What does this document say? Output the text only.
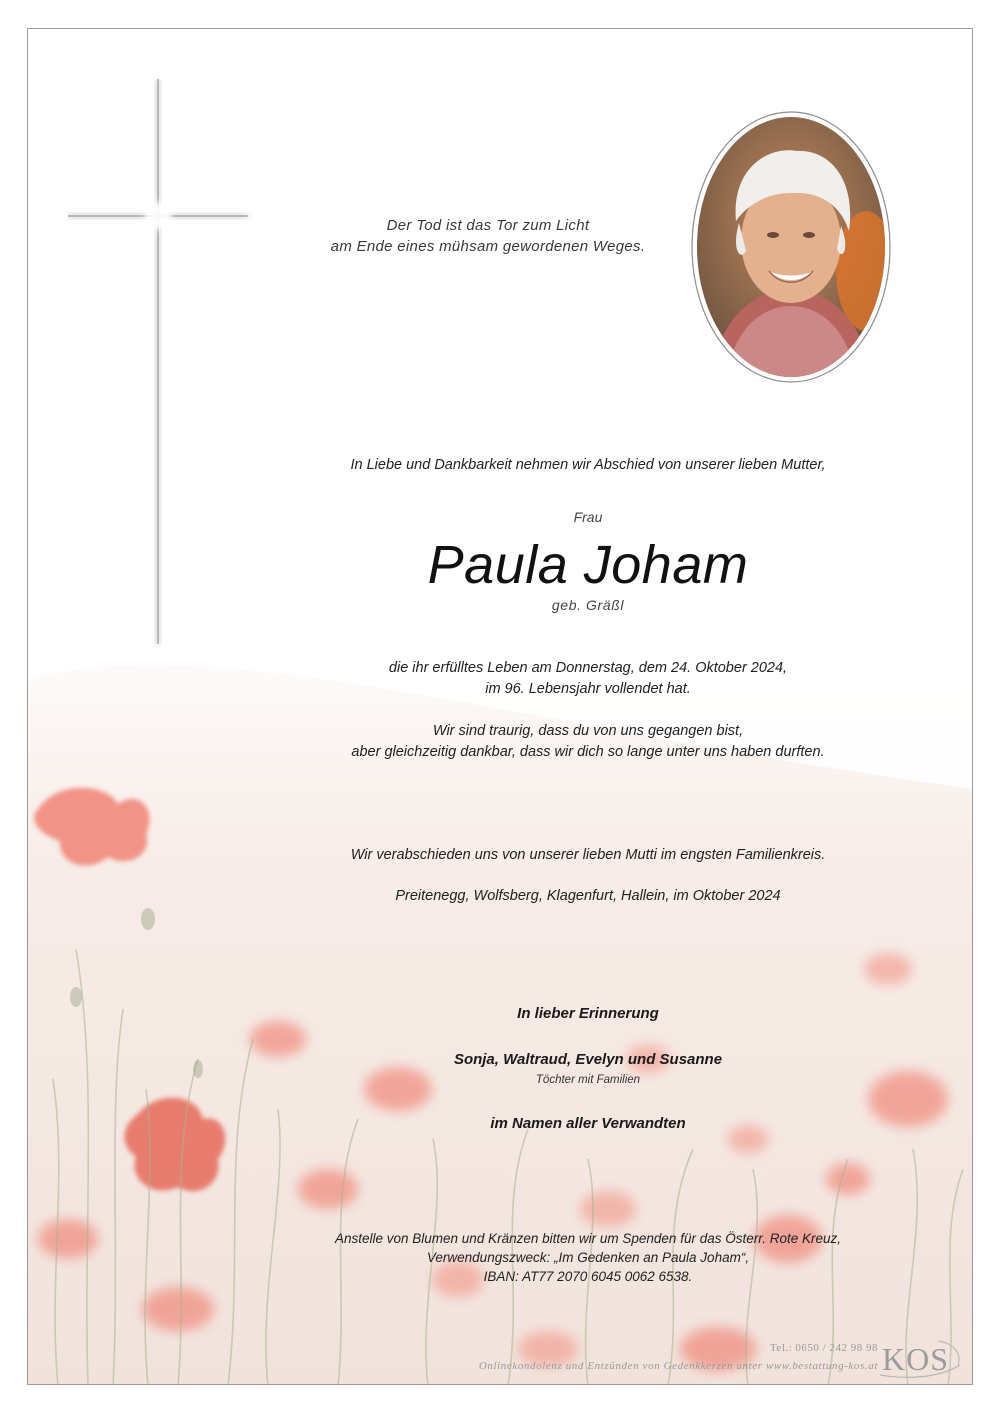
Der Tod ist das Tor zum Licht
am Ende eines mühsam gewordenen Weges.
In Liebe und Dankbarkeit nehmen wir Abschied von unserer lieben Mutter,
Frau
Paula Joham
geb. Gräßl
die ihr erfülltes Leben am Donnerstag, dem 24. Oktober 2024,
im 96. Lebensjahr vollendet hat.
Wir sind traurig, dass du von uns gegangen bist,
aber gleichzeitig dankbar, dass wir dich so lange unter uns haben durften.
Wir verabschieden uns von unserer lieben Mutti im engsten Familienkreis.
Preitenegg, Wolfsberg, Klagenfurt, Hallein, im Oktober 2024
In lieber Erinnerung
Sonja, Waltraud, Evelyn und Susanne
Töchter mit Familien
im Namen aller Verwandten
Anstelle von Blumen und Kränzen bitten wir um Spenden für das Österr. Rote Kreuz,
Verwendungszweck: „Im Gedenken an Paula Joham“,
IBAN: AT77 2070 6045 0062 6538.
Tel.: 0650 / 242 98 98
Onlinekondolenz und Entzünden von Gedenkkerzen unter www.bestattung-kos.at KOS
